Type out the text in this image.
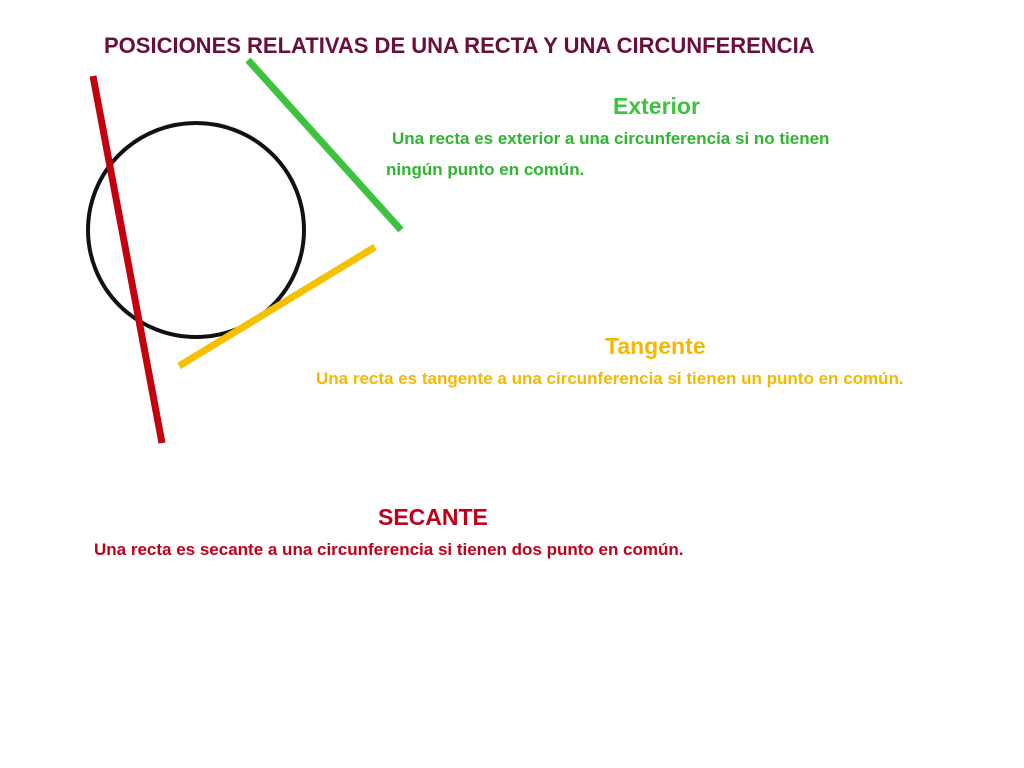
POSICIONES RELATIVAS DE UNA RECTA Y UNA CIRCUNFERENCIA

Exterior

Una recta es exterior a una circunferencia si no tienen

ningún punto en común.

Tangente

Una recta es tangente a una circunferencia si tienen un punto en común.

SECANTE

Una recta es secante a una circunferencia si tienen dos punto en común.
